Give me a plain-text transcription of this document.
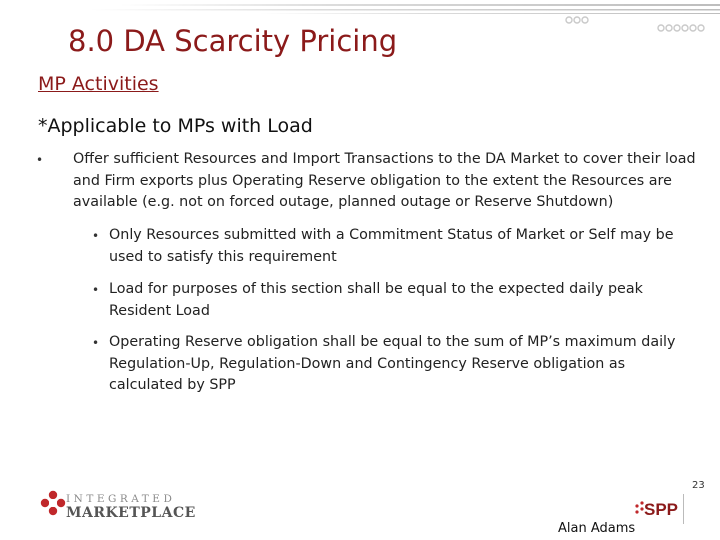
8.0 DA Scarcity Pricing
MP Activities
*Applicable to MPs with Load
• Offer sufficient Resources and Import Transactions to the DA Market to cover their load
and Firm exports plus Operating Reserve obligation to the extent the Resources are
available (e.g. not on forced outage, planned outage or Reserve Shutdown)
• Only Resources submitted with a Commitment Status of Market or Self may be
used to satisfy this requirement
• Load for purposes of this section shall be equal to the expected daily peak
Resident Load
• Operating Reserve obligation shall be equal to the sum of MP’s maximum daily
Regulation-Up, Regulation-Down and Contingency Reserve obligation as
calculated by SPP
INTEGRATED
MARKETPLACE	SPP
23
Alan Adams
